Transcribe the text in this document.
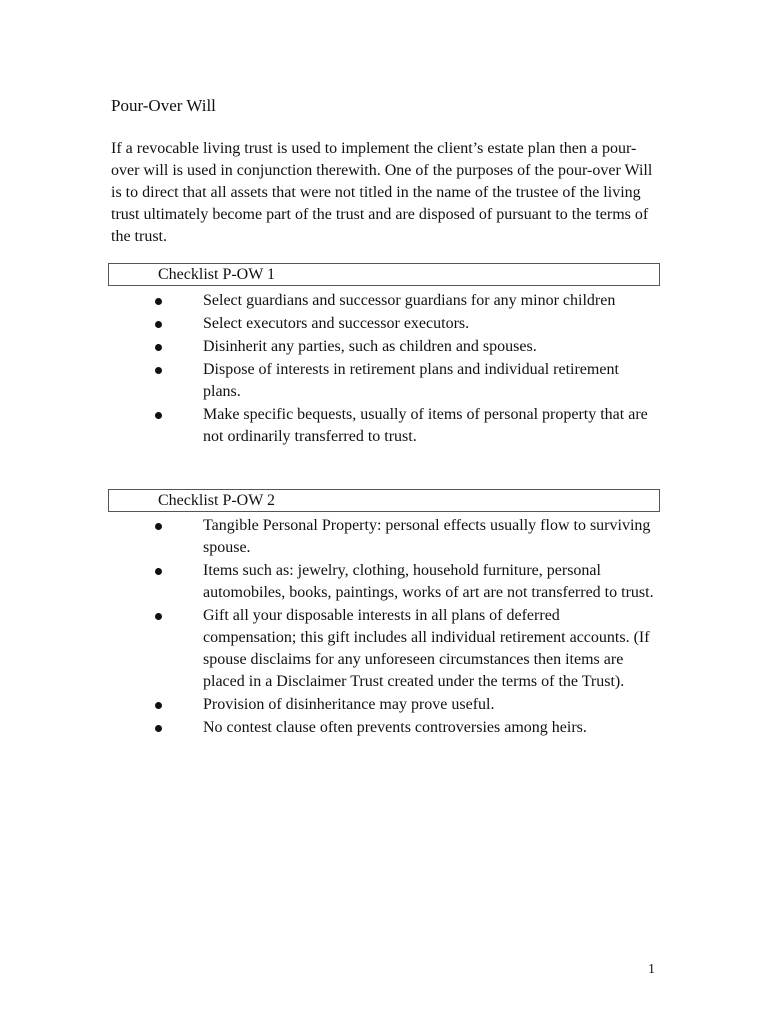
Pour-Over Will
If a revocable living trust is used to implement the client’s estate plan then a pour-over will is used in conjunction therewith. One of the purposes of the pour-over Will is to direct that all assets that were not titled in the name of the trustee of the living trust ultimately become part of the trust and are disposed of pursuant to the terms of the trust.
Checklist P-OW 1
Select guardians and successor guardians for any minor children
Select executors and successor executors.
Disinherit any parties, such as children and spouses.
Dispose of interests in retirement plans and individual retirement plans.
Make specific bequests, usually of items of personal property that are not ordinarily transferred to trust.
Checklist P-OW 2
Tangible Personal Property: personal effects usually flow to surviving spouse.
Items such as: jewelry, clothing, household furniture, personal automobiles, books, paintings, works of art are not transferred to trust.
Gift all your disposable interests in all plans of deferred compensation; this gift includes all individual retirement accounts. (If spouse disclaims for any unforeseen circumstances then items are placed in a Disclaimer Trust created under the terms of the Trust).
Provision of disinheritance may prove useful.
No contest clause often prevents controversies among heirs.
1
